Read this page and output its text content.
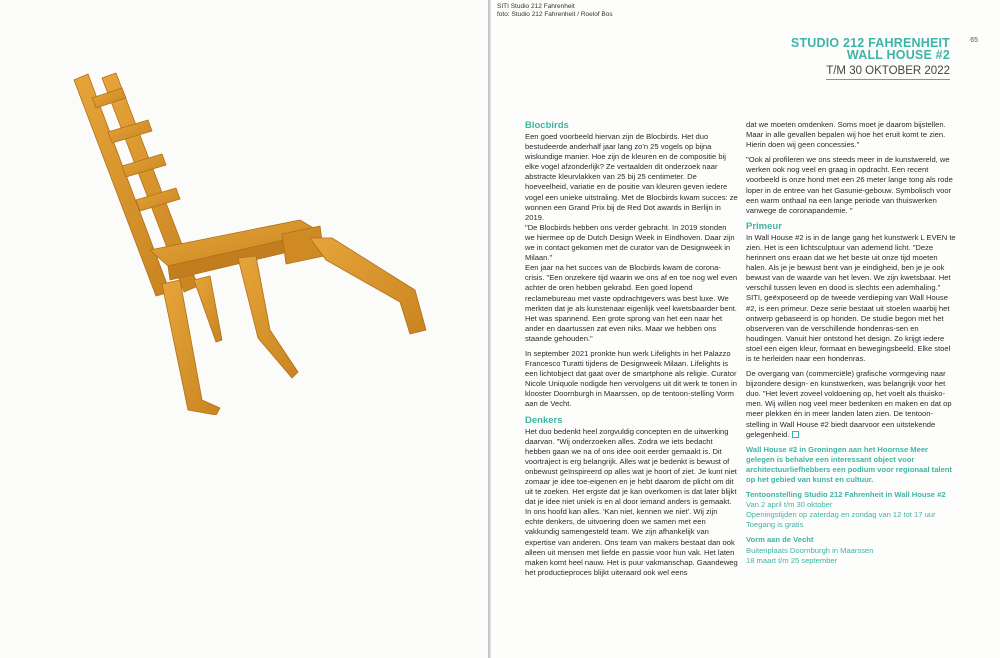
SITI Studio 212 Fahrenheit
foto: Studio 212 Fahrenheit / Roelof Bos
STUDIO 212 FAHRENHEIT
WALL HOUSE #2
T/M 30 OKTOBER 2022
65
Blocbirds

Een goed voorbeeld hiervan zijn de Blocbirds. Het duo bestudeerde anderhalf jaar lang zo'n 25 vogels op bijna wiskundige manier. Hoe zijn de kleuren en de compositie bij elke vogel afzonderlijk? Ze vertaalden dit onderzoek naar abstracte kleurvlakken van 25 bij 25 centimeter. De hoeveelheid, variatie en de positie van kleuren geven iedere vogel een unieke uitstraling. Met de Blocbirds kwam succes: ze wonnen een Grand Prix bij de Red Dot awards in Berlijn in 2019.

"De Blocbirds hebben ons verder gebracht. In 2019 stonden we hiermee op de Dutch Design Week in Eindhoven. Daar zijn we in contact gekomen met de curator van de Designweek in Milaan."

Een jaar na het succes van de Blocbirds kwam de corona-crisis. "Een onzekere tijd waarin we ons af en toe nog wel even achter de oren hebben gekrabd. Een goed lopend reclamebureau met vaste opdrachtgevers was best luxe. We merkten dat je als kunstenaar eigenlijk veel kwetsbaarder bent. Het was spannend. Een grote sprong van het een naar het ander en daartussen zat even niks. Maar we hebben ons staande gehouden."

In september 2021 pronkte hun werk Lifelights in het Palazzo Francesco Turatti tijdens de Designweek Milaan. Lifelights is een lichtobject dat gaat over de smartphone als religie. Curator Nicole Uniquole nodigde hen vervolgens uit dit werk te tonen in klooster Doornburgh in Maarssen, op de tentoon-stelling Vorm aan de Vecht.

Denkers

Het duo bedenkt heel zorgvuldig concepten en de uitwerking daarvan. "Wij onderzoeken alles. Zodra we iets bedacht hebben gaan we na of ons idee ooit eerder gemaakt is. Dit voortraject is erg belangrijk. Alles wat je bedenkt is bewust of onbewust geïnspireerd op alles wat je hoort of ziet. Je kunt niet zomaar je idee toe-eigenen en je hebt daarom de plicht om dit uit te zoeken. Het ergste dat je kan overkomen is dat later blijkt dat je idee niet uniek is en al door iemand anders is gemaakt.

In ons hoofd kan alles. 'Kan niet, kennen we niet'. Wij zijn echte denkers, de uitvoering doen we samen met een vakkundig samengesteld team. We zijn afhankelijk van expertise van anderen. Ons team van makers bestaat dan ook alleen uit mensen met liefde en passie voor hun vak. Het laten maken komt heel nauw. Het is puur vakmanschap. Gaandeweg het productieproces blijkt uiteraard ook wel eens

dat we moeten omdenken. Soms moet je daarom bijstellen. Maar in alle gevallen bepalen wij hoe het eruit komt te zien. Hierin doen wij geen concessies."

"Ook al profileren we ons steeds meer in de kunstwereld, we werken ook nog veel en graag in opdracht. Een recent voorbeeld is onze hond met een 26 meter lange tong als rode loper in de entree van het Gasunie-gebouw. Symbolisch voor een warm onthaal na een lange periode van thuiswerken vanwege de coronapandemie. "

Primeur

In Wall House #2 is in de lange gang het kunstwerk L EVEN te zien. Het is een lichtsculptuur van ademend licht. "Deze herinnert ons eraan dat we het beste uit onze tijd moeten halen. Als je je bewust bent van je eindigheid, ben je je ook bewust van de waarde van het leven. We zijn kwetsbaar. Het verschil tussen leven en dood is slechts een ademhaling."

SITI, geëxposeerd op de tweede verdieping van Wall House #2, is een primeur. Deze serie bestaat uit stoelen waarbij het ontwerp gebaseerd is op honden. De studie begon met het observeren van de verschillende hondenras-sen en houdingen. Vanuit hier ontstond het design. Zo krijgt iedere stoel een eigen kleur, formaat en bewegingsbeeld. Elke stoel is te herleiden naar een hondenras.

De overgang van (commerciële) grafische vormgeving naar bijzondere design- en kunstwerken, was belangrijk voor het duo. "Het levert zoveel voldoening op, het voelt als thuisko-men. Wij willen nog veel meer bedenken en maken en dat op meer plekken én in meer landen laten zien. De tentoon-stelling in Wall House #2 biedt daarvoor een uitstekende gelegenheid.

Wall House #2 in Groningen aan het Hoornse Meer gelegen is behalve een interessant object voor architectuurliefhebbers een podium voor regionaal talent op het gebied van kunst en cultuur.

Tentoonstelling Studio 212 Fahrenheit in Wall House #2

Van 2 april t/m 30 oktober

Openingstijden op zaterdag en zondag van 12 tot 17 uur

Toegang is gratis

Vorm aan de Vecht

Buitenplaats Doornburgh in Maarssen

18 maart t/m 25 september
